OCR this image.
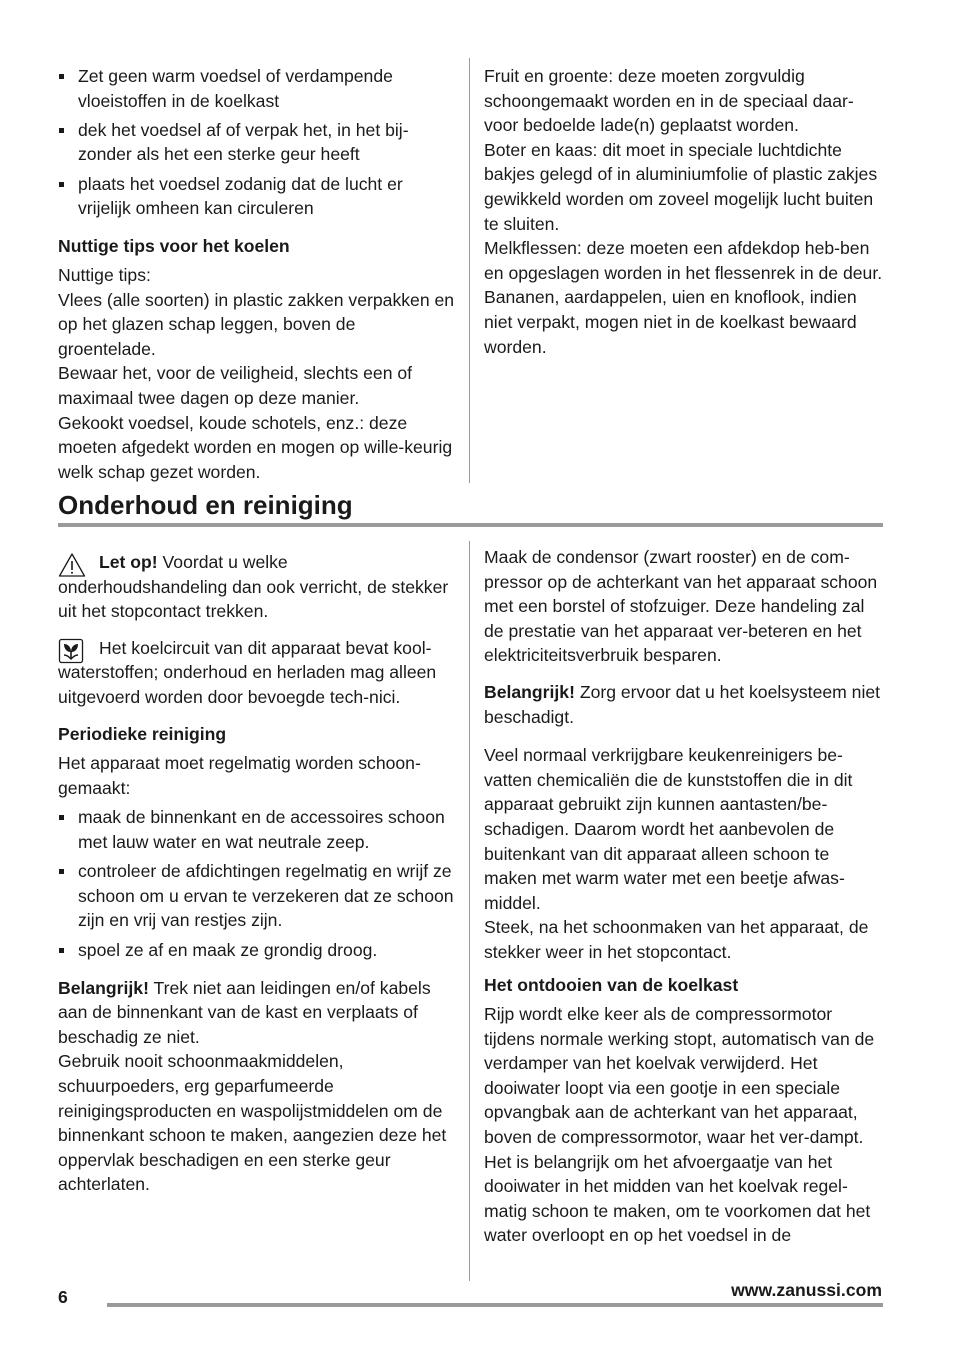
Zet geen warm voedsel of verdampende vloeistoffen in de koelkast
dek het voedsel af of verpak het, in het bij-zonder als het een sterke geur heeft
plaats het voedsel zodanig dat de lucht er vrijelijk omheen kan circuleren
Nuttige tips voor het koelen

Nuttige tips:

Vlees (alle soorten) in plastic zakken verpakken en op het glazen schap leggen, boven de groentelade.

Bewaar het, voor de veiligheid, slechts een of maximaal twee dagen op deze manier.

Gekookt voedsel, koude schotels, enz.: deze moeten afgedekt worden en mogen op wille-keurig welk schap gezet worden.

Fruit en groente: deze moeten zorgvuldig schoongemaakt worden en in de speciaal daar-voor bedoelde lade(n) geplaatst worden.

Boter en kaas: dit moet in speciale luchtdichte bakjes gelegd of in aluminiumfolie of plastic zakjes gewikkeld worden om zoveel mogelijk lucht buiten te sluiten.

Melkflessen: deze moeten een afdekdop heb-ben en opgeslagen worden in het flessenrek in de deur.

Bananen, aardappelen, uien en knoflook, indien niet verpakt, mogen niet in de koelkast bewaard worden.

Onderhoud en reiniging

Let op! Voordat u welke onderhoudshandeling dan ook verricht, de stekker uit het stopcontact trekken.

Het koelcircuit van dit apparaat bevat kool-waterstoffen; onderhoud en herladen mag alleen uitgevoerd worden door bevoegde tech-nici.

Periodieke reiniging

Het apparaat moet regelmatig worden schoon-gemaakt:

maak de binnenkant en de accessoires schoon met lauw water en wat neutrale zeep.
controleer de afdichtingen regelmatig en wrijf ze schoon om u ervan te verzekeren dat ze schoon zijn en vrij van restjes zijn.
spoel ze af en maak ze grondig droog.

Belangrijk! Trek niet aan leidingen en/of kabels aan de binnenkant van de kast en verplaats of beschadig ze niet.

Gebruik nooit schoonmaakmiddelen, schuurpoeders, erg geparfumeerde reinigingsproducten en waspolijstmiddelen om de binnenkant schoon te maken, aangezien deze het oppervlak beschadigen en een sterke geur achterlaten.

Maak de condensor (zwart rooster) en de com-pressor op de achterkant van het apparaat schoon met een borstel of stofzuiger. Deze handeling zal de prestatie van het apparaat ver-beteren en het elektriciteitsverbruik besparen.

Belangrijk! Zorg ervoor dat u het koelsysteem niet beschadigt.

Veel normaal verkrijgbare keukenreinigers be-vatten chemicaliën die de kunststoffen die in dit apparaat gebruikt zijn kunnen aantasten/be-schadigen. Daarom wordt het aanbevolen de buitenkant van dit apparaat alleen schoon te maken met warm water met een beetje afwas-middel.

Steek, na het schoonmaken van het apparaat, de stekker weer in het stopcontact.

Het ontdooien van de koelkast

Rijp wordt elke keer als de compressormotor tijdens normale werking stopt, automatisch van de verdamper van het koelvak verwijderd. Het dooiwater loopt via een gootje in een speciale opvangbak aan de achterkant van het apparaat, boven de compressormotor, waar het ver-dampt.

Het is belangrijk om het afvoergaatje van het dooiwater in het midden van het koelvak regel-matig schoon te maken, om te voorkomen dat het water overloopt en op het voedsel in de

6	www.zanussi.com
